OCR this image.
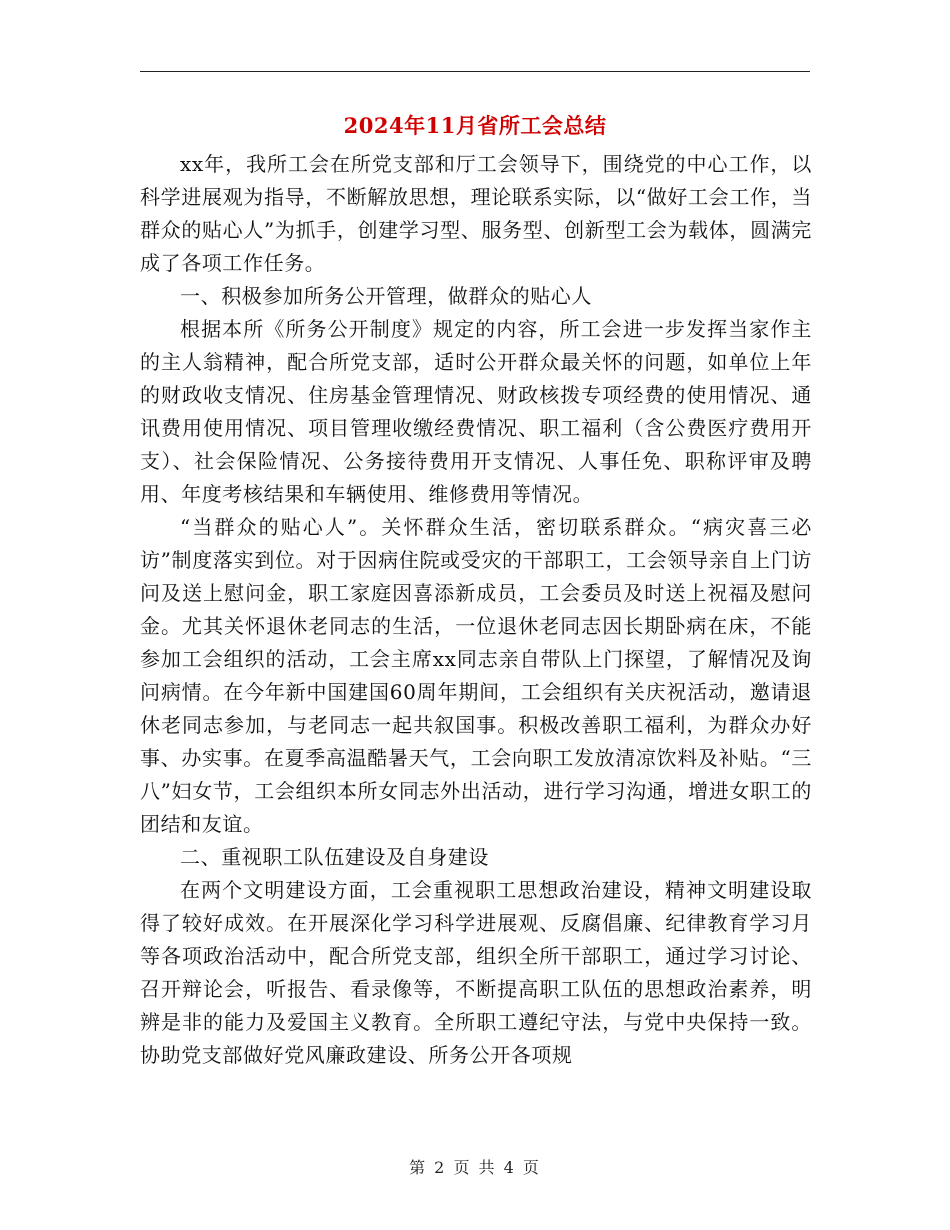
2024年11月省所工会总结

xx年，我所工会在所党支部和厅工会领导下，围绕党的中心工作，以科学进展观为指导，不断解放思想，理论联系实际，以“做好工会工作，当群众的贴心人”为抓手，创建学习型、服务型、创新型工会为载体，圆满完成了各项工作任务。

一、积极参加所务公开管理，做群众的贴心人

根据本所《所务公开制度》规定的内容，所工会进一步发挥当家作主的主人翁精神，配合所党支部，适时公开群众最关怀的问题，如单位上年的财政收支情况、住房基金管理情况、财政核拨专项经费的使用情况、通讯费用使用情况、项目管理收缴经费情况、职工福利（含公费医疗费用开支）、社会保险情况、公务接待费用开支情况、人事任免、职称评审及聘用、年度考核结果和车辆使用、维修费用等情况。

“当群众的贴心人”。关怀群众生活，密切联系群众。“病灾喜三必访”制度落实到位。对于因病住院或受灾的干部职工，工会领导亲自上门访问及送上慰问金，职工家庭因喜添新成员，工会委员及时送上祝福及慰问金。尤其关怀退休老同志的生活，一位退休老同志因长期卧病在床，不能参加工会组织的活动，工会主席xx同志亲自带队上门探望，了解情况及询问病情。在今年新中国建国60周年期间，工会组织有关庆祝活动，邀请退休老同志参加，与老同志一起共叙国事。积极改善职工福利，为群众办好事、办实事。在夏季高温酷暑天气，工会向职工发放清凉饮料及补贴。“三八”妇女节，工会组织本所女同志外出活动，进行学习沟通，增进女职工的团结和友谊。

二、重视职工队伍建设及自身建设

在两个文明建设方面，工会重视职工思想政治建设，精神文明建设取得了较好成效。在开展深化学习科学进展观、反腐倡廉、纪律教育学习月等各项政治活动中，配合所党支部，组织全所干部职工，通过学习讨论、召开辩论会，听报告、看录像等，不断提高职工队伍的思想政治素养，明辨是非的能力及爱国主义教育。全所职工遵纪守法，与党中央保持一致。协助党支部做好党风廉政建设、所务公开各项规

第 2 页 共 4 页
